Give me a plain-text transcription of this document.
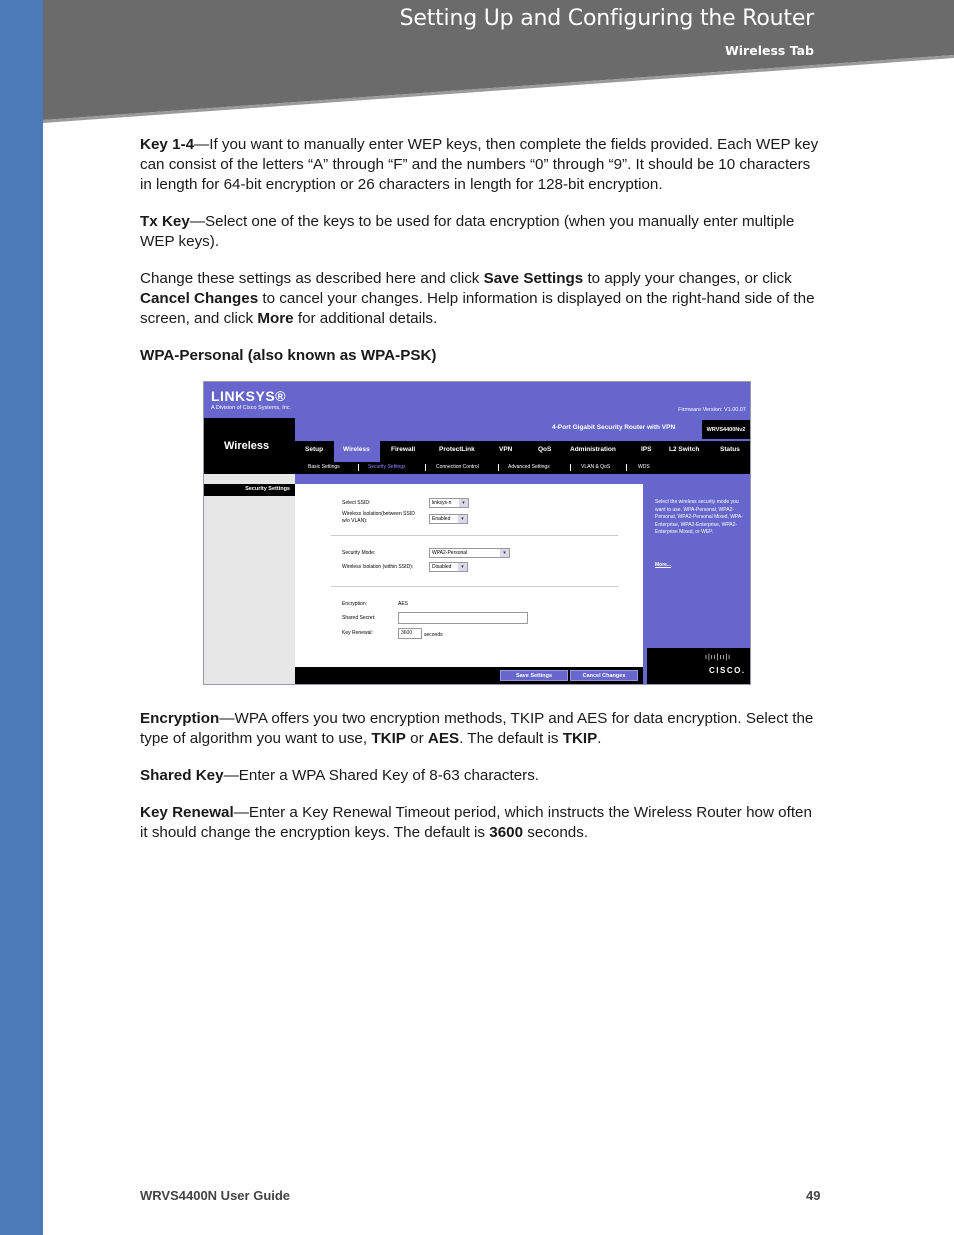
Setting Up and Configuring the Router
Wireless Tab

Key 1-4—If you want to manually enter WEP keys, then complete the fields provided. Each WEP key can consist of the letters “A” through “F” and the numbers “0” through “9”. It should be 10 characters in length for 64-bit encryption or 26 characters in length for 128-bit encryption.

Tx Key—Select one of the keys to be used for data encryption (when you manually enter multiple WEP keys).

Change these settings as described here and click Save Settings to apply your changes, or click Cancel Changes to cancel your changes. Help information is displayed on the right-hand side of the screen, and click More for additional details.

WPA-Personal (also known as WPA-PSK)

LINKSYS®
A Division of Cisco Systems, Inc.	Firmware Version: V1.00.07
Wireless
4-Port Gigabit Security Router with VPN	WRVS4400Nv2
Setup	Wireless	Firewall	ProtectLink	VPN	QoS	Administration	IPS	L2 Switch	Status
Basic Settings	Security Settings	Connection Control	Advanced Settings	VLAN & QoS	WDS
Security Settings
Select SSID:	linksys-n	▾
Wireless Isolation(between SSID w/o VLAN):	Enabled	▾
Security Mode:	WPA2-Personal	▾
Wireless Isolation (within SSID):	Disabled	▾
Encryption:	AES
Shared Secret:
Key Renewal:	3600	seconds
Select the wireless security mode you want to use. WPA-Personal, WPA2-Personal, WPA2-Personal Mixed, WPA-Enterprise, WPA2-Enterprise, WPA2-Enterprise Mixed, or WEP.
More...
Save Settings	Cancel Changes
ı|ıı|ıı|ı
CISCO.

Encryption—WPA offers you two encryption methods, TKIP and AES for data encryption. Select the type of algorithm you want to use, TKIP or AES. The default is TKIP.

Shared Key—Enter a WPA Shared Key of 8-63 characters.

Key Renewal—Enter a Key Renewal Timeout period, which instructs the Wireless Router how often it should change the encryption keys. The default is 3600 seconds.

WRVS4400N User Guide	49
